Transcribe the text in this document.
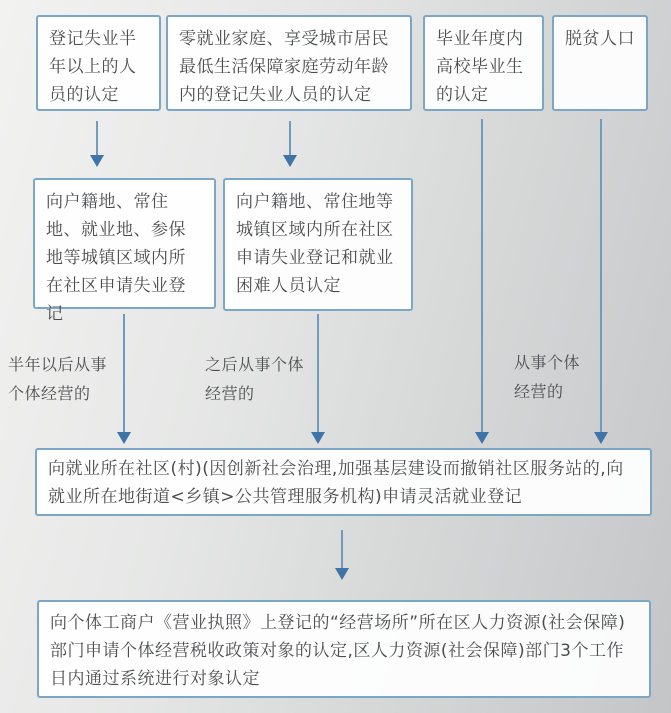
登记失业半年以上的人员的认定
零就业家庭、享受城市居民最低生活保障家庭劳动年龄内的登记失业人员的认定
毕业年度内高校毕业生的认定
脱贫人口
向户籍地、常住地、就业地、参保地等城镇区域内所在社区申请失业登记
向户籍地、常住地等城镇区域内所在社区申请失业登记和就业困难人员认定
半年以后从事个体经营的
之后从事个体经营的
从事个体经营的
向就业所在社区(村)(因创新社会治理,加强基层建设而撤销社区服务站的,向就业所在地街道<乡镇>公共管理服务机构)申请灵活就业登记
向个体工商户《营业执照》上登记的“经营场所”所在区人力资源(社会保障)部门申请个体经营税收政策对象的认定,区人力资源(社会保障)部门3个工作日内通过系统进行对象认定
